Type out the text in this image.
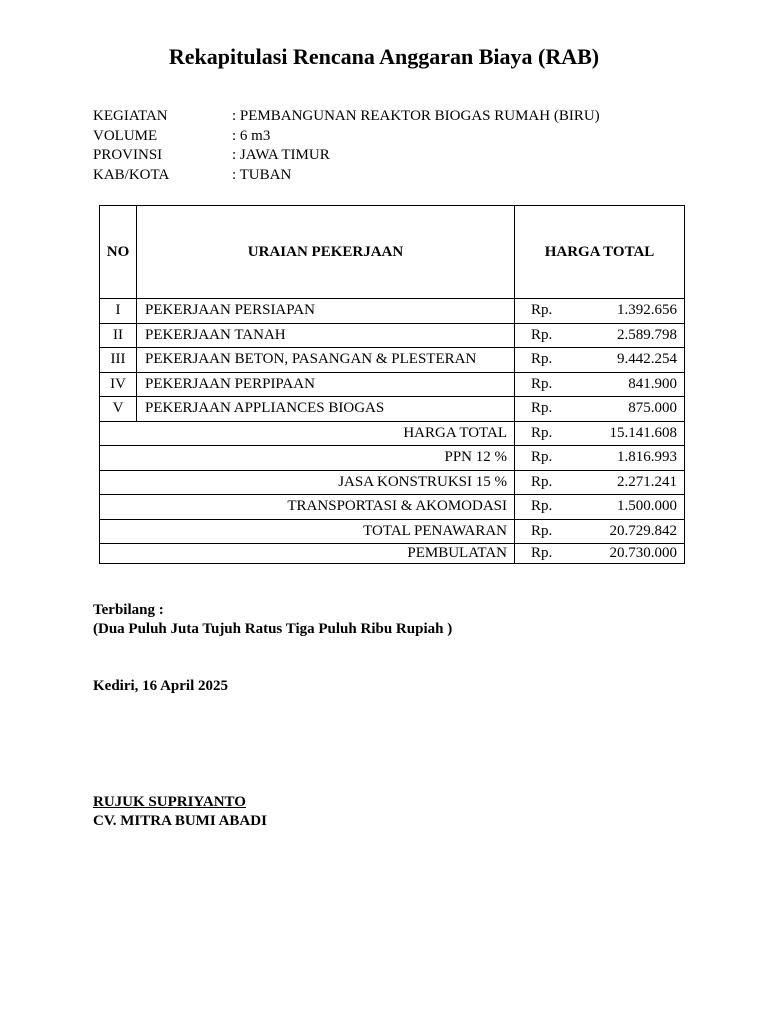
Rekapitulasi Rencana Anggaran Biaya (RAB)
KEGIATAN	: PEMBANGUNAN REAKTOR BIOGAS RUMAH (BIRU)
VOLUME	: 6 m3
PROVINSI	: JAWA TIMUR
KAB/KOTA	: TUBAN
NO	URAIAN PEKERJAAN	HARGA TOTAL	
I	PEKERJAAN PERSIAPAN	Rp.	1.392.656
II	PEKERJAAN TANAH	Rp.	2.589.798
III	PEKERJAAN BETON, PASANGAN & PLESTERAN	Rp.	9.442.254
IV	PEKERJAAN PERPIPAAN	Rp.	841.900
V	PEKERJAAN APPLIANCES BIOGAS	Rp.	875.000
HARGA TOTAL		Rp.	15.141.608
PPN 12 %		Rp.	1.816.993
JASA KONSTRUKSI 15 %		Rp.	2.271.241
TRANSPORTASI & AKOMODASI		Rp.	1.500.000
TOTAL PENAWARAN		Rp.	20.729.842
PEMBULATAN		Rp.	20.730.000
Terbilang :
(Dua Puluh Juta Tujuh Ratus Tiga Puluh Ribu Rupiah )
Kediri, 16 April 2025
RUJUK SUPRIYANTO
CV. MITRA BUMI ABADI
